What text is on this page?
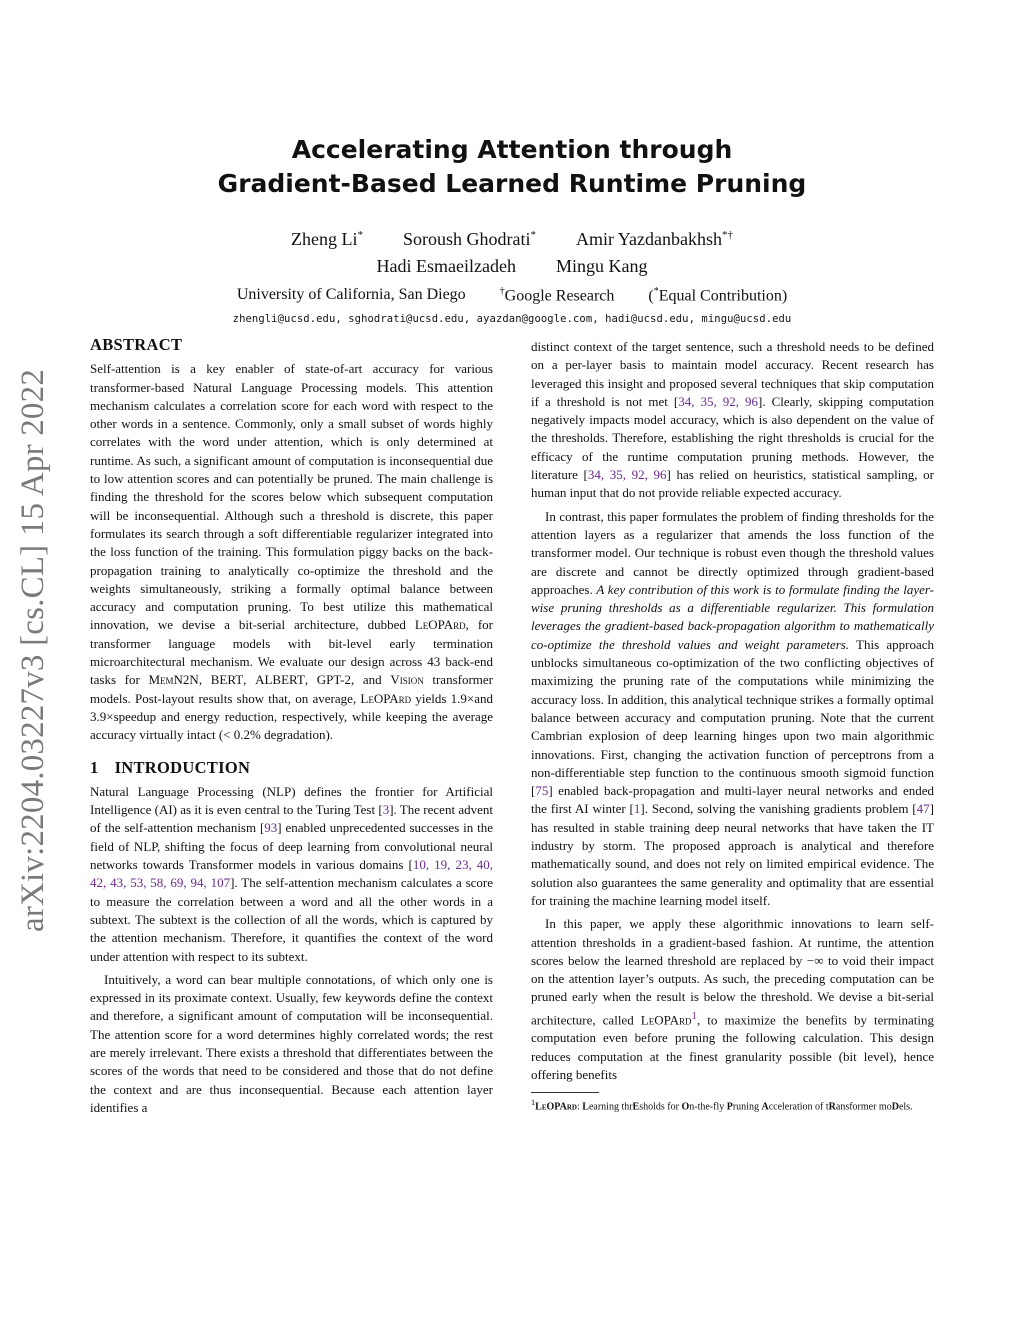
arXiv:2204.03227v3 [cs.CL] 15 Apr 2022
Accelerating Attention through
Gradient-Based Learned Runtime Pruning
Zheng Li* Soroush Ghodrati* Amir Yazdanbakhsh*†
Hadi Esmaeilzadeh Mingu Kang
University of California, San Diego	†Google Research (*Equal Contribution)
zhengli@ucsd.edu, sghodrati@ucsd.edu, ayazdan@google.com, hadi@ucsd.edu, mingu@ucsd.edu
ABSTRACT

Self-attention is a key enabler of state-of-art accuracy for various transformer-based Natural Language Processing models. This attention mechanism calculates a correlation score for each word with respect to the other words in a sentence. Commonly, only a small subset of words highly correlates with the word under attention, which is only determined at runtime. As such, a significant amount of computation is inconsequential due to low attention scores and can potentially be pruned. The main challenge is finding the threshold for the scores below which subsequent computation will be inconsequential. Although such a threshold is discrete, this paper formulates its search through a soft differentiable regularizer integrated into the loss function of the training. This formulation piggy backs on the back-propagation training to analytically co-optimize the threshold and the weights simultaneously, striking a formally optimal balance between accuracy and computation pruning. To best utilize this mathematical innovation, we devise a bit-serial architecture, dubbed LeOPArd, for transformer language models with bit-level early termination microarchitectural mechanism. We evaluate our design across 43 back-end tasks for MemN2N, BERT, ALBERT, GPT-2, and Vision transformer models. Post-layout results show that, on average, LeOPArd yields 1.9×and 3.9×speedup and energy reduction, respectively, while keeping the average accuracy virtually intact (< 0.2% degradation).

1 INTRODUCTION

Natural Language Processing (NLP) defines the frontier for Artificial Intelligence (AI) as it is even central to the Turing Test [3]. The recent advent of the self-attention mechanism [93] enabled unprecedented successes in the field of NLP, shifting the focus of deep learning from convolutional neural networks towards Transformer models in various domains [10, 19, 23, 40, 42, 43, 53, 58, 69, 94, 107]. The self-attention mechanism calculates a score to measure the correlation between a word and all the other words in a subtext. The subtext is the collection of all the words, which is captured by the attention mechanism. Therefore, it quantifies the context of the word under attention with respect to its subtext.

Intuitively, a word can bear multiple connotations, of which only one is expressed in its proximate context. Usually, few keywords define the context and therefore, a significant amount of computation will be inconsequential. The attention score for a word determines highly correlated words; the rest are merely irrelevant. There exists a threshold that differentiates between the scores of the words that need to be considered and those that do not define the context and are thus inconsequential. Because each attention layer identifies a

distinct context of the target sentence, such a threshold needs to be defined on a per-layer basis to maintain model accuracy. Recent research has leveraged this insight and proposed several techniques that skip computation if a threshold is not met [34, 35, 92, 96]. Clearly, skipping computation negatively impacts model accuracy, which is also dependent on the value of the thresholds. Therefore, establishing the right thresholds is crucial for the efficacy of the runtime computation pruning methods. However, the literature [34, 35, 92, 96] has relied on heuristics, statistical sampling, or human input that do not provide reliable expected accuracy.

In contrast, this paper formulates the problem of finding thresholds for the attention layers as a regularizer that amends the loss function of the transformer model. Our technique is robust even though the threshold values are discrete and cannot be directly optimized through gradient-based approaches. A key contribution of this work is to formulate finding the layer-wise pruning thresholds as a differentiable regularizer. This formulation leverages the gradient-based back-propagation algorithm to mathematically co-optimize the threshold values and weight parameters. This approach unblocks simultaneous co-optimization of the two conflicting objectives of maximizing the pruning rate of the computations while minimizing the accuracy loss. In addition, this analytical technique strikes a formally optimal balance between accuracy and computation pruning. Note that the current Cambrian explosion of deep learning hinges upon two main algorithmic innovations. First, changing the activation function of perceptrons from a non-differentiable step function to the continuous smooth sigmoid function [75] enabled back-propagation and multi-layer neural networks and ended the first AI winter [1]. Second, solving the vanishing gradients problem [47] has resulted in stable training deep neural networks that have taken the IT industry by storm. The proposed approach is analytical and therefore mathematically sound, and does not rely on limited empirical evidence. The solution also guarantees the same generality and optimality that are essential for training the machine learning model itself.

In this paper, we apply these algorithmic innovations to learn self-attention thresholds in a gradient-based fashion. At runtime, the attention scores below the learned threshold are replaced by −∞ to void their impact on the attention layer’s outputs. As such, the preceding computation can be pruned early when the result is below the threshold. We devise a bit-serial architecture, called LeOPArd$^1$, to maximize the benefits by terminating computation even before pruning the following calculation. This design reduces computation at the finest granularity possible (bit level), hence offering benefits

$^1$LeOPArd: Learning thrEsholds for On-the-fly Pruning Acceleration of tRansformer moDels.
